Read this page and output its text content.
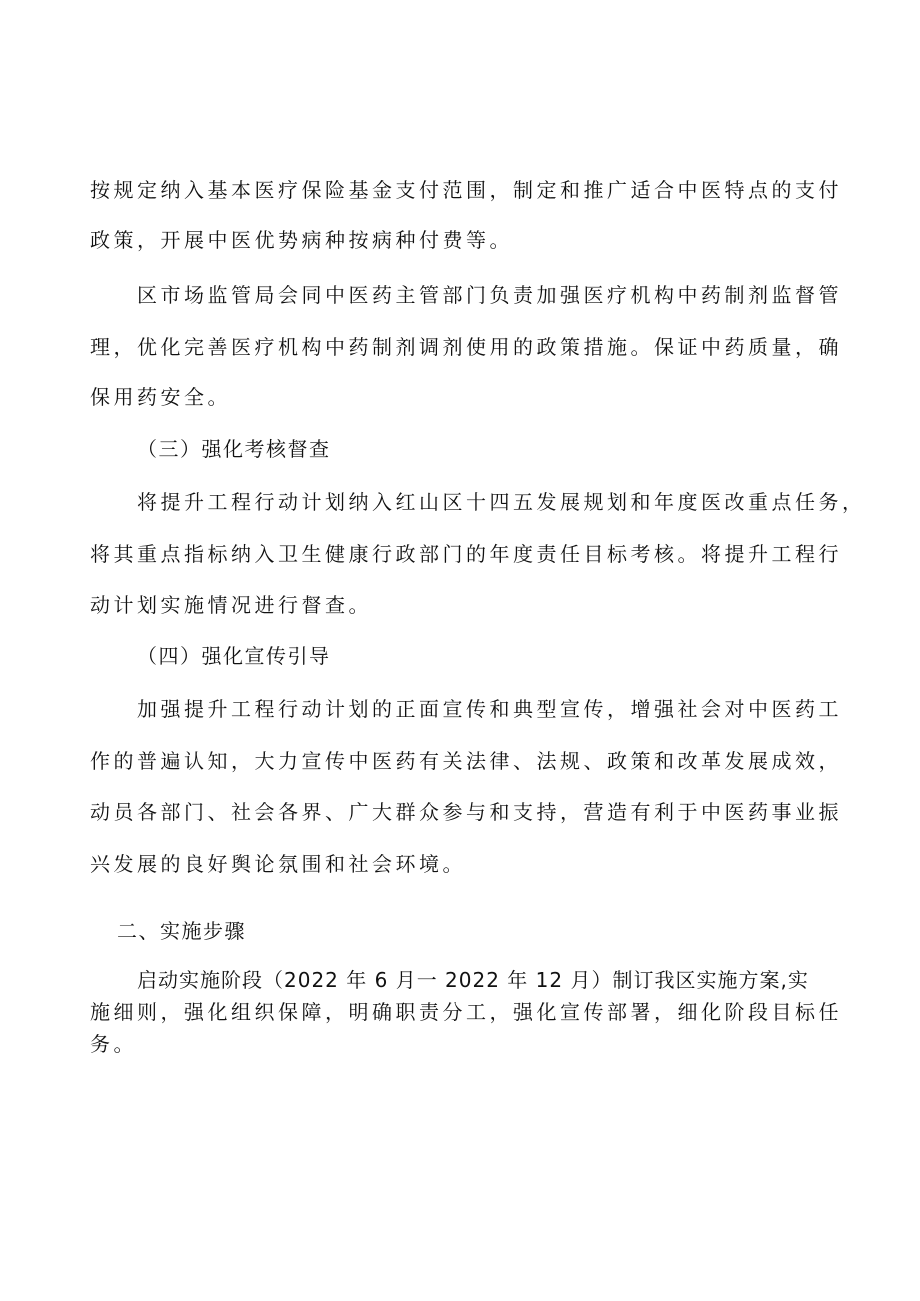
按规定纳入基本医疗保险基金支付范围，制定和推广适合中医特点的支付

政策，开展中医优势病种按病种付费等。

区市场监管局会同中医药主管部门负责加强医疗机构中药制剂监督管

理，优化完善医疗机构中药制剂调剂使用的政策措施。保证中药质量，确

保用药安全。

（三）强化考核督查

将提升工程行动计划纳入红山区十四五发展规划和年度医改重点任务，

将其重点指标纳入卫生健康行政部门的年度责任目标考核。将提升工程行

动计划实施情况进行督查。

（四）强化宣传引导

加强提升工程行动计划的正面宣传和典型宣传，增强社会对中医药工

作的普遍认知，大力宣传中医药有关法律、法规、政策和改革发展成效，

动员各部门、社会各界、广大群众参与和支持，营造有利于中医药事业振

兴发展的良好舆论氛围和社会环境。

二、实施步骤

启动实施阶段（2022 年 6 月一 2022 年 12 月）制订我区实施方案,实

施细则，强化组织保障，明确职责分工，强化宣传部署，细化阶段目标任

务。
